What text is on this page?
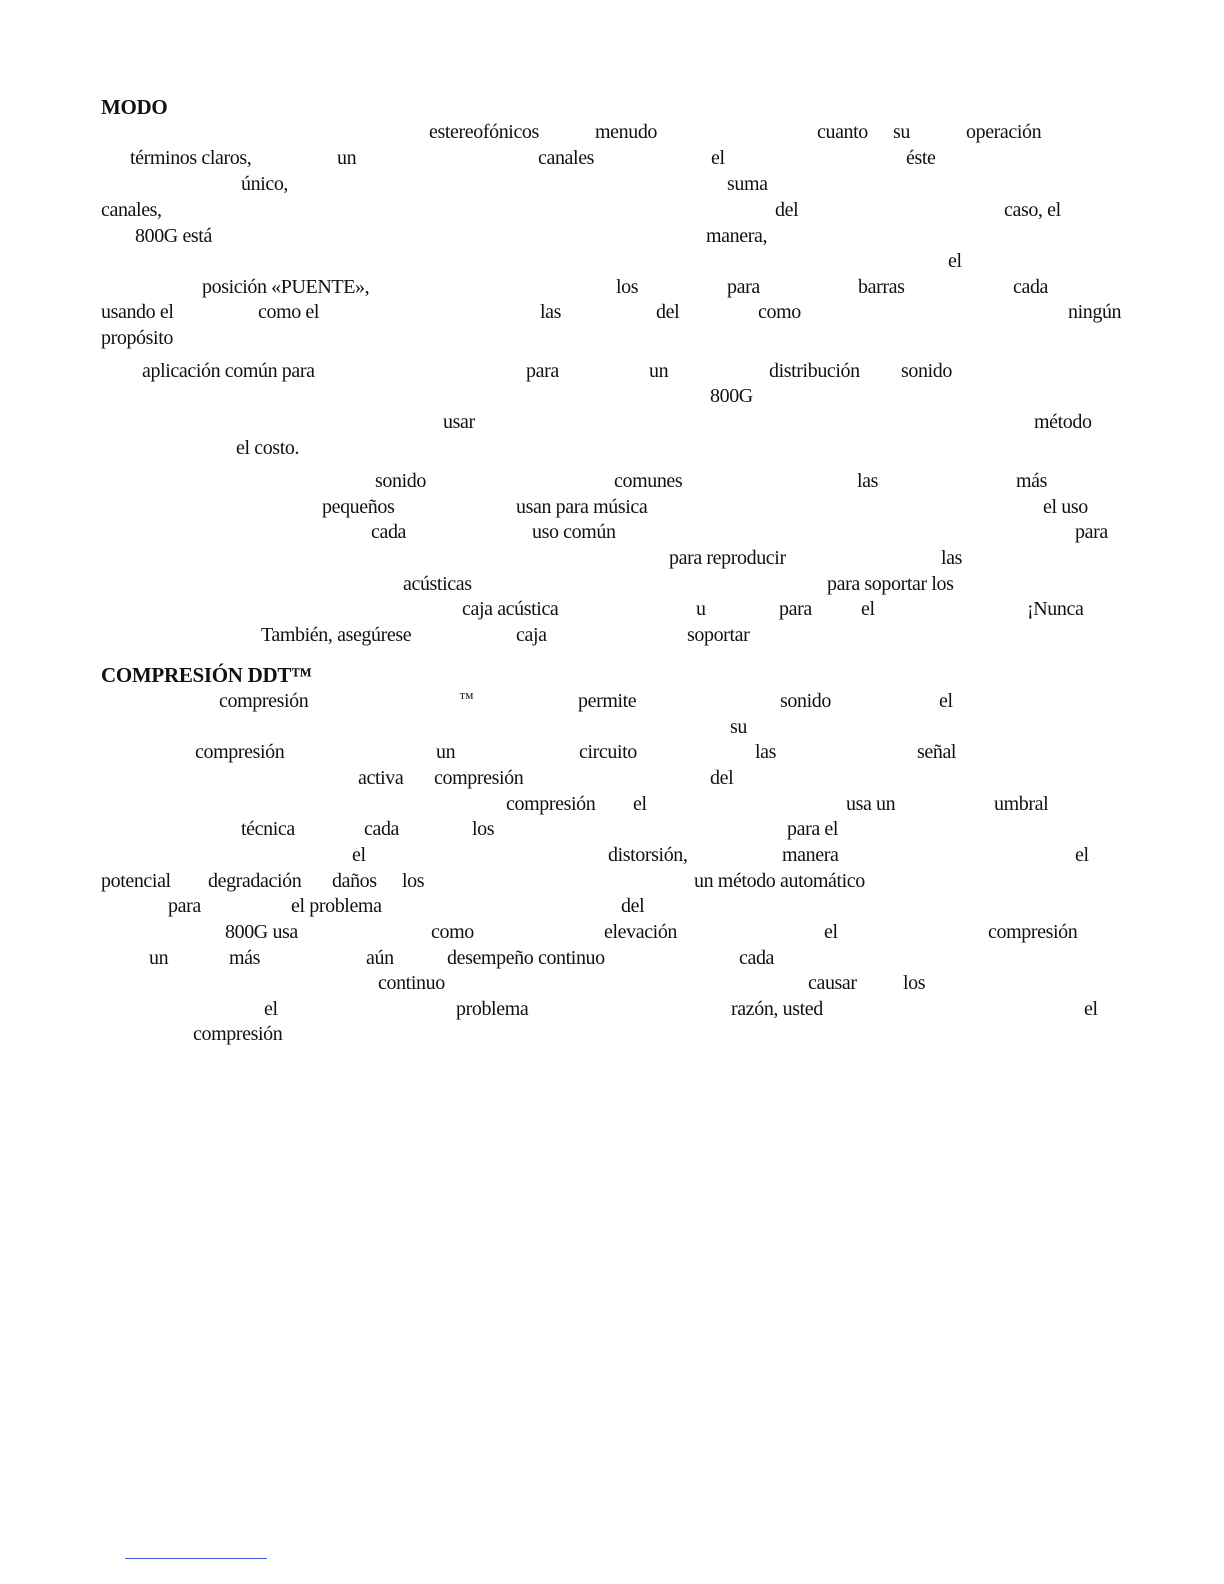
MODO
estereofónicos	menudo	cuanto su	operación
términos claros,	un	canales	el	éste
único,	suma
canales,	del	caso, el
800G está	manera,
el
posición «PUENTE»,	los	para	barras	cada
usando el	como el	las	del	como	ningún
propósito
aplicación común para	para	un	distribución sonido
800G
usar	método
el costo.
sonido	comunes	las	más
pequeños	usan para música	el uso
cada	uso común	para
para reproducir	las
acústicas	para soportar los
caja acústica	u	para el	¡Nunca
También, asegúrese	caja	soportar
COMPRESIÓN DDT™
compresión	™	permite	sonido	el
su
compresión	un	circuito	las	señal
activa compresión	del
compresión el	usa un	umbral
técnica	cada	los	para el
el	distorsión,	manera	el
potencial degradación daños los	un método automático
para	el problema	del
800G usa	como	elevación	el	compresión
un	más	aún	desempeño continuo	cada
continuo	causar los
el	problema	razón, usted	el
compresión
